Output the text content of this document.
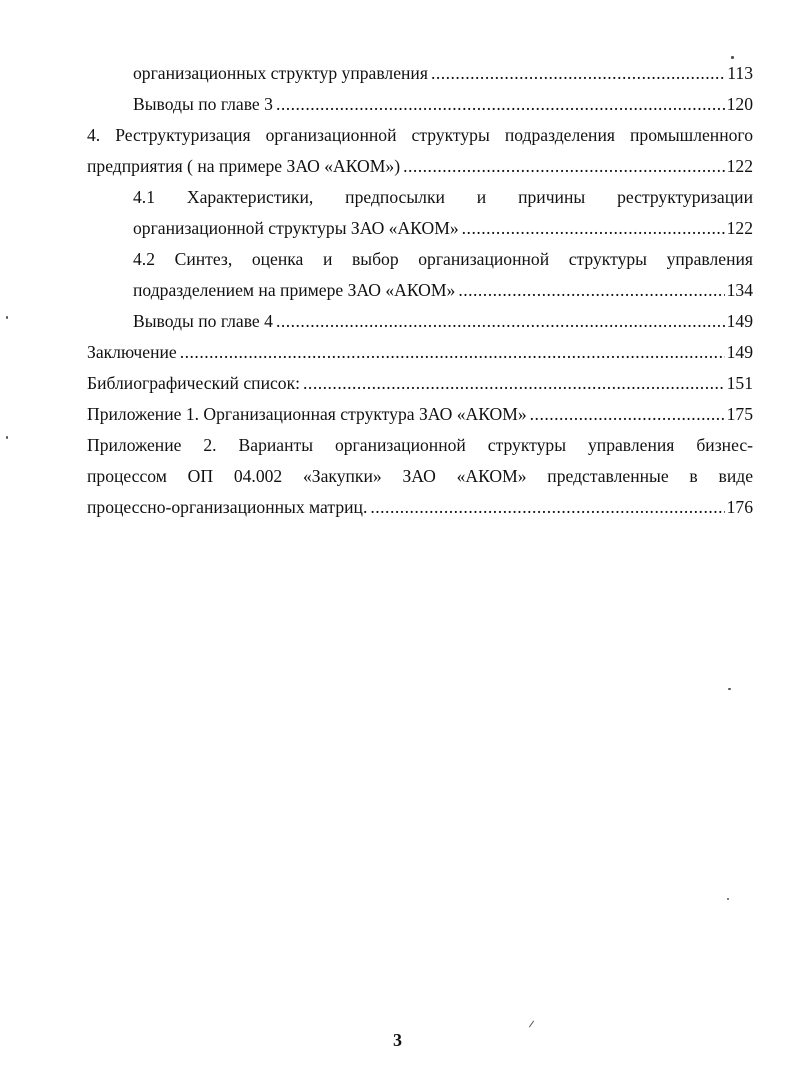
организационных структур управления .....	113
Выводы по главе 3 .....	120
4. Реструктуризация организационной структуры подразделения промышленного
предприятия ( на примере ЗАО «АКОМ») .....	122
4.1 Характеристики, предпосылки и причины реструктуризации
организационной структуры ЗАО «АКОМ» .....	122
4.2 Синтез, оценка и выбор организационной структуры управления
подразделением на примере ЗАО «АКОМ» .....	134
Выводы по главе 4 .....	149
Заключение .....	149
Библиографический список: .....	151
Приложение 1. Организационная структура ЗАО «АКОМ» .....	175
Приложение 2. Варианты организационной структуры управления бизнес-
процессом ОП 04.002 «Закупки» ЗАО «АКОМ» представленные в виде
процессно-организационных матриц. .....	176
3
